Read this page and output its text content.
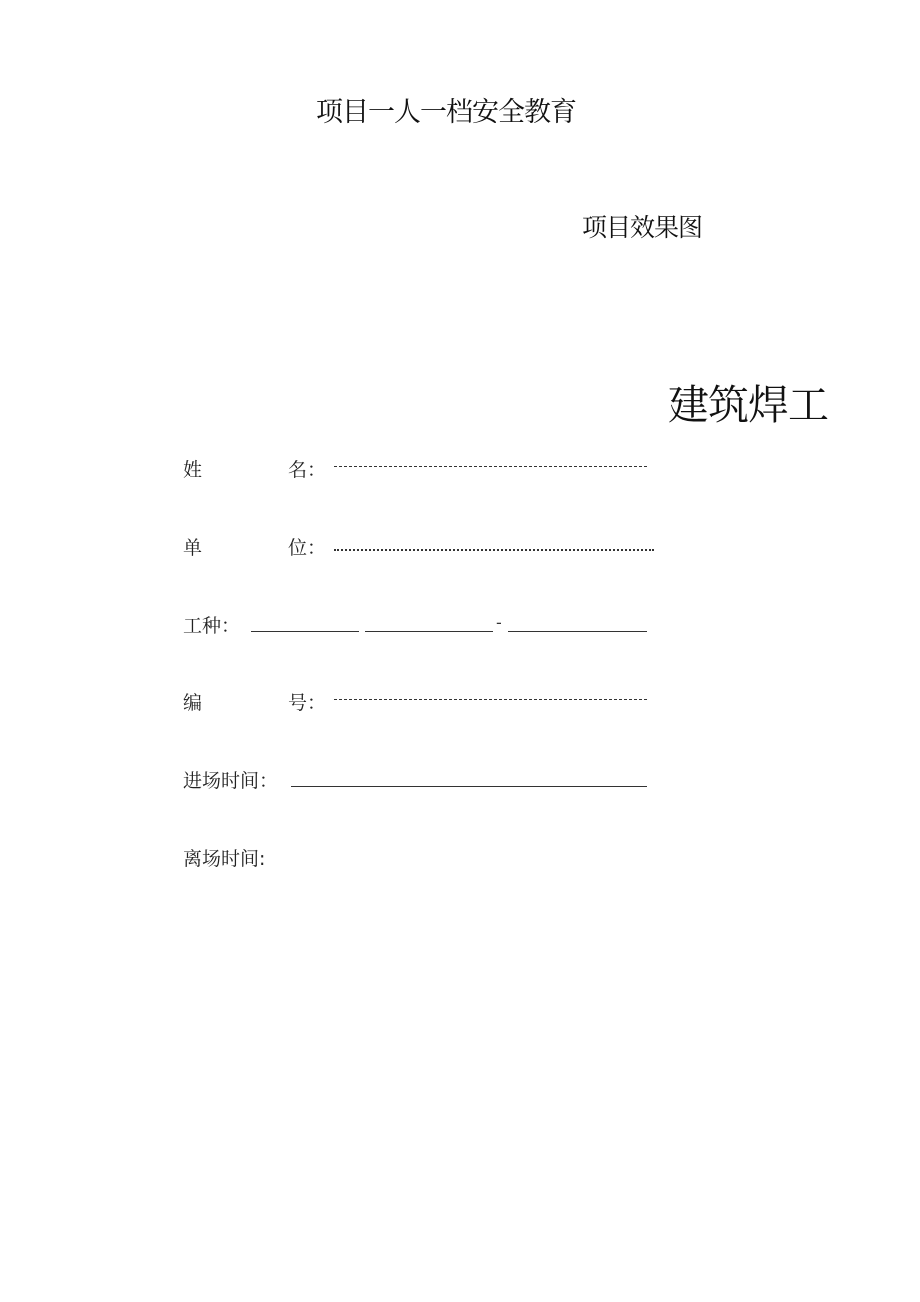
项目一人一档安全教育
项目效果图
建筑焊工
姓	名：
单	位：
工种：	-
编	号：
进场时间：
离场时间:
